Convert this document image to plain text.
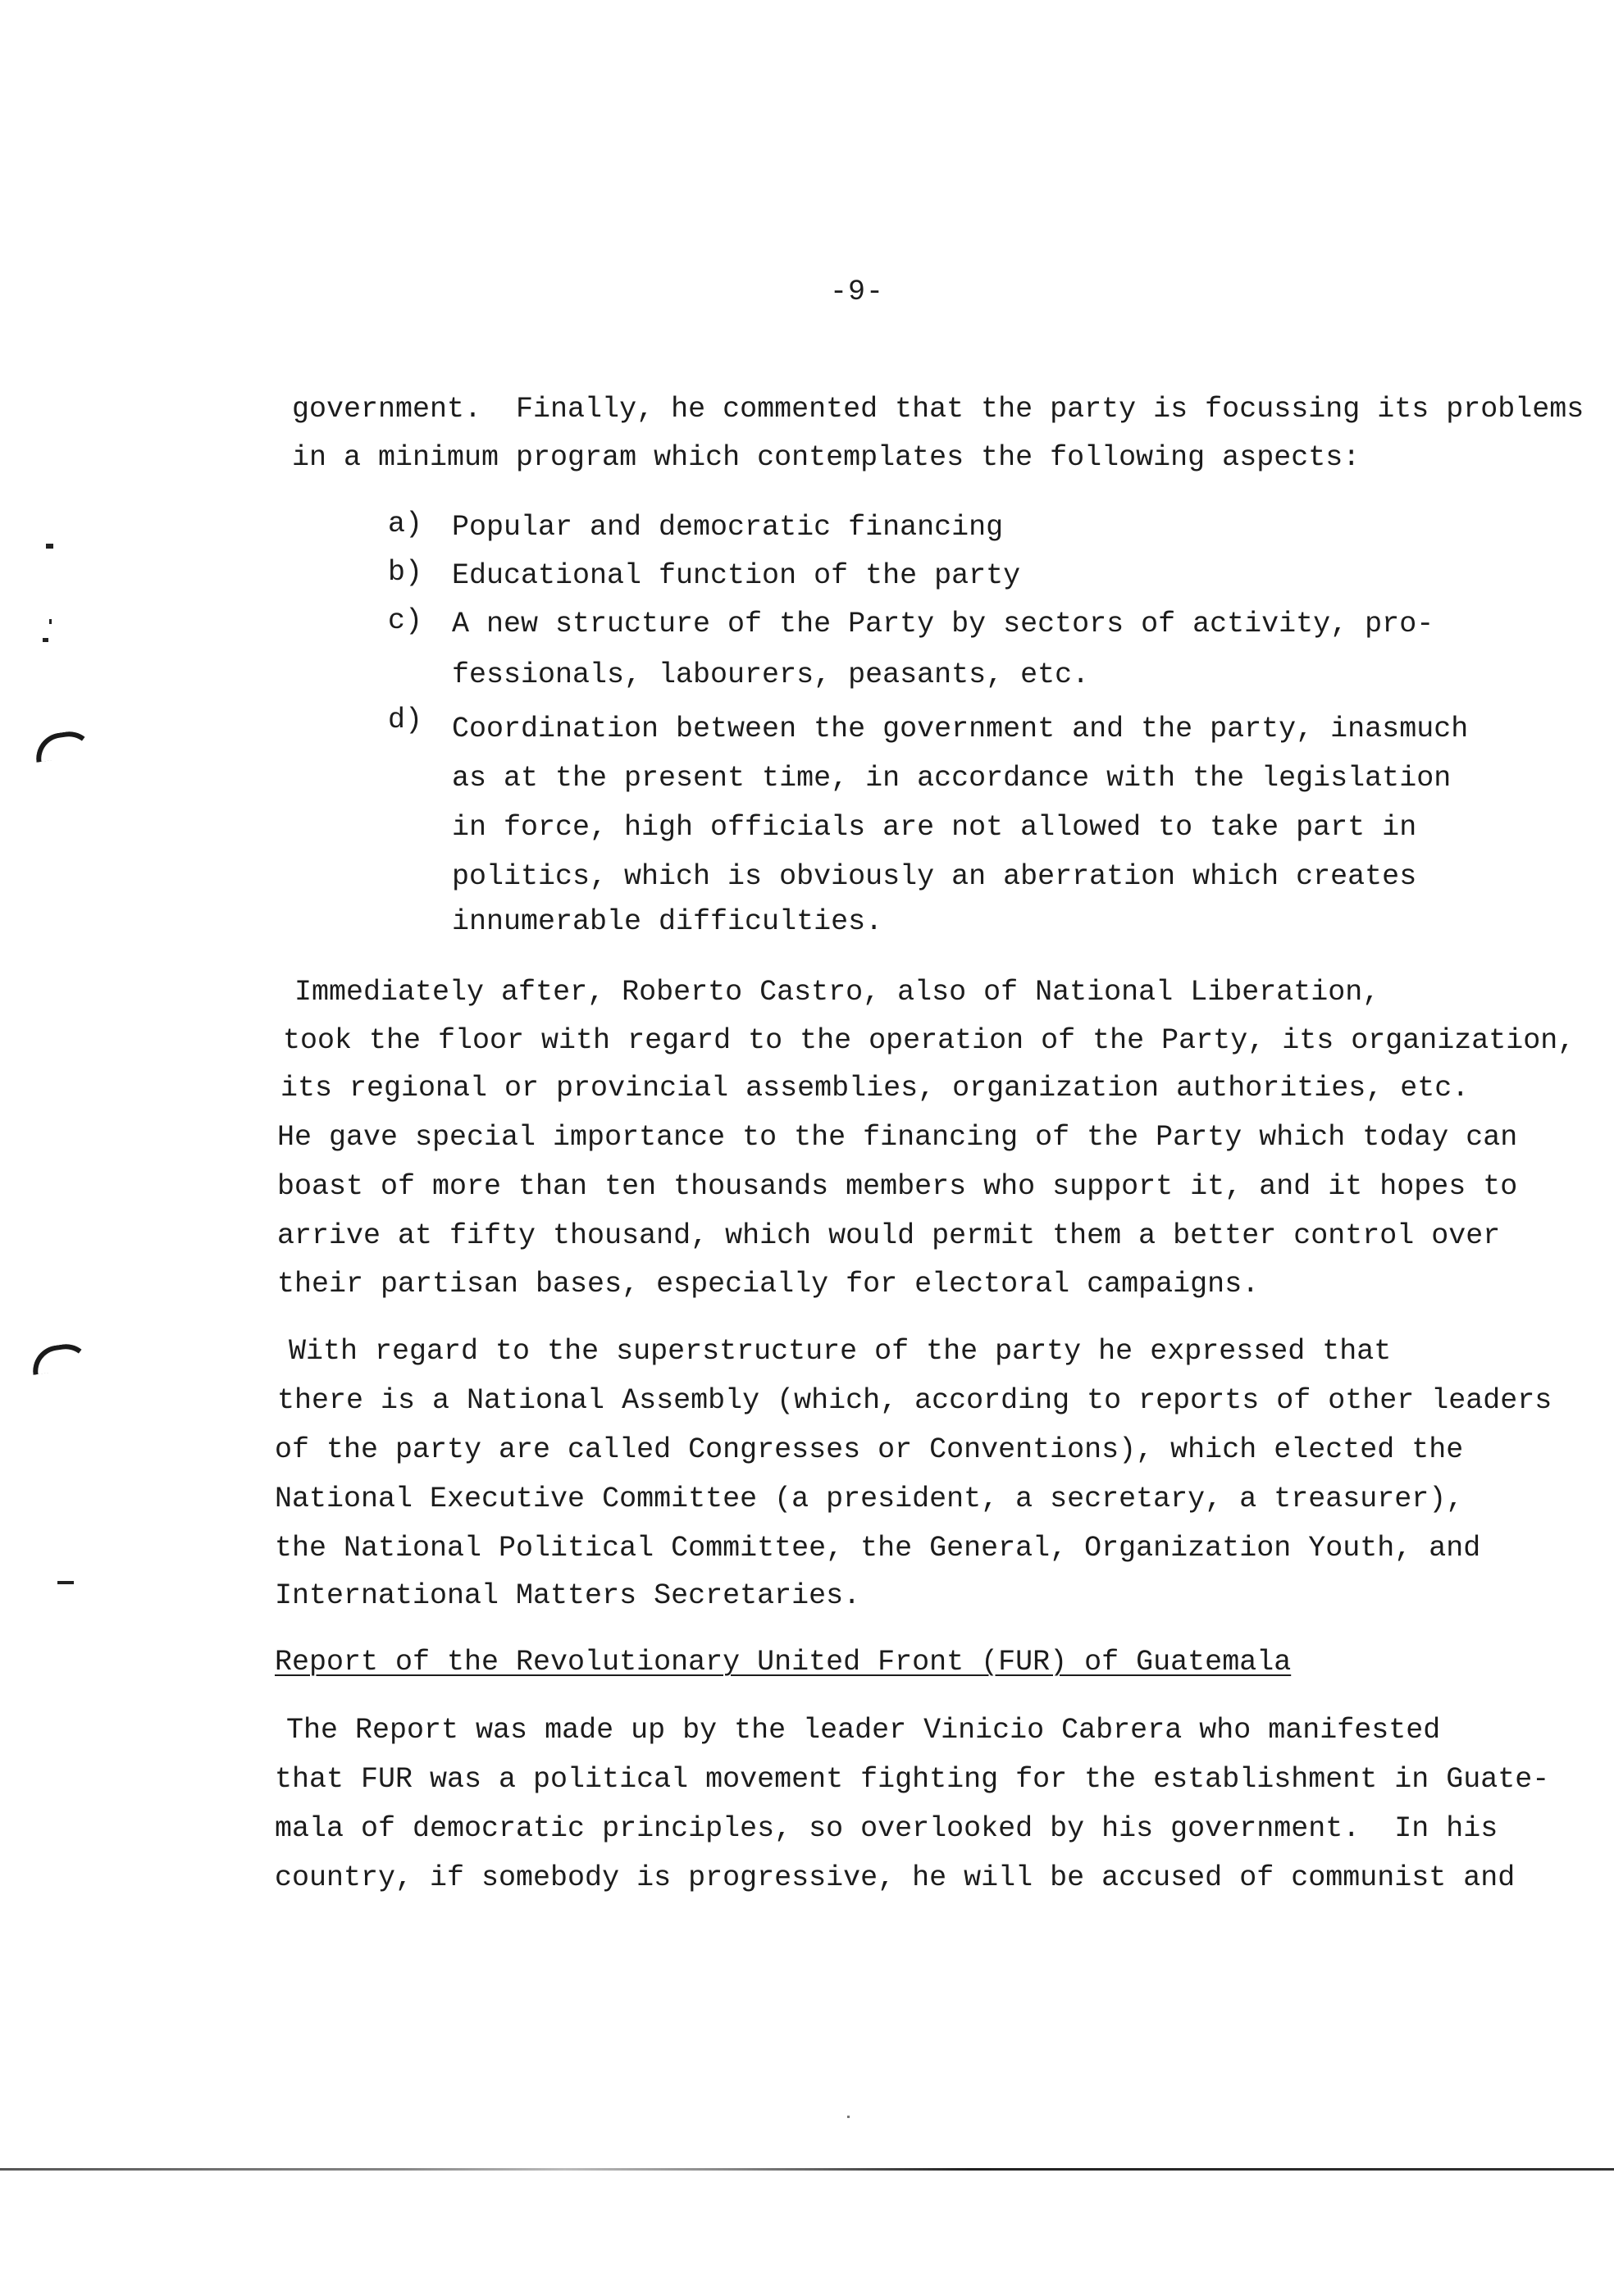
-9-
government.  Finally, he commented that the party is focussing its problems
in a minimum program which contemplates the following aspects:

a)

Popular and democratic financing

b)

Educational function of the party

c)

A new structure of the Party by sectors of activity, pro-
fessionals, labourers, peasants, etc.

d)

Coordination between the government and the party, inasmuch
as at the present time, in accordance with the legislation
in force, high officials are not allowed to take part in
politics, which is obviously an aberration which creates
innumerable difficulties.
Immediately after, Roberto Castro, also of National Liberation,
took the floor with regard to the operation of the Party, its organization,
its regional or provincial assemblies, organization authorities, etc.
He gave special importance to the financing of the Party which today can
boast of more than ten thousands members who support it, and it hopes to
arrive at fifty thousand, which would permit them a better control over
their partisan bases, especially for electoral campaigns.
With regard to the superstructure of the party he expressed that
there is a National Assembly (which, according to reports of other leaders
of the party are called Congresses or Conventions), which elected the
National Executive Committee (a president, a secretary, a treasurer),
the National Political Committee, the General, Organization Youth, and
International Matters Secretaries.
Report of the Revolutionary United Front (FUR) of Guatemala
The Report was made up by the leader Vinicio Cabrera who manifested
that FUR was a political movement fighting for the establishment in Guate-
mala of democratic principles, so overlooked by his government.  In his
country, if somebody is progressive, he will be accused of communist and
